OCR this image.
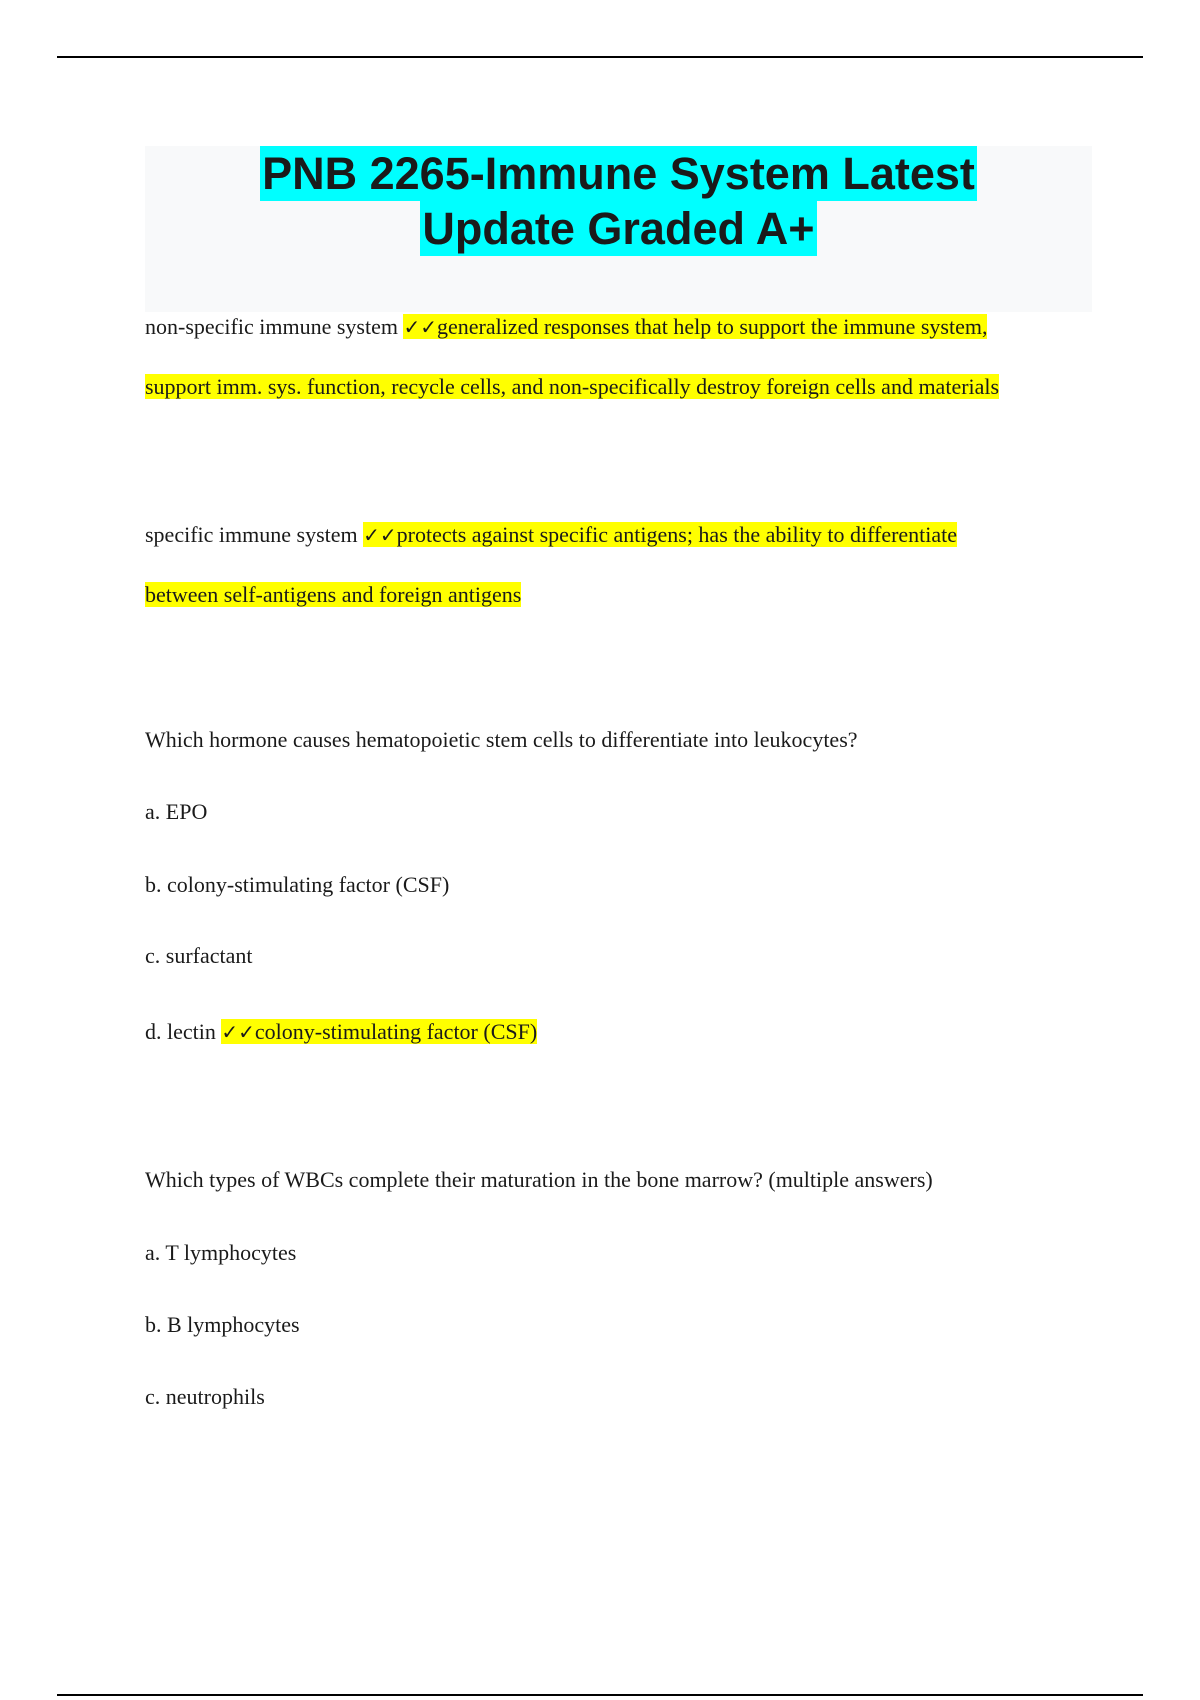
PNB 2265-Immune System Latest
Update Graded A+
non-specific immune system ✓✓generalized responses that help to support the immune system,
support imm. sys. function, recycle cells, and non-specifically destroy foreign cells and materials
specific immune system ✓✓protects against specific antigens; has the ability to differentiate
between self-antigens and foreign antigens
Which hormone causes hematopoietic stem cells to differentiate into leukocytes?
a. EPO
b. colony-stimulating factor (CSF)
c. surfactant
d. lectin ✓✓colony-stimulating factor (CSF)
Which types of WBCs complete their maturation in the bone marrow? (multiple answers)
a. T lymphocytes
b. B lymphocytes
c. neutrophils
